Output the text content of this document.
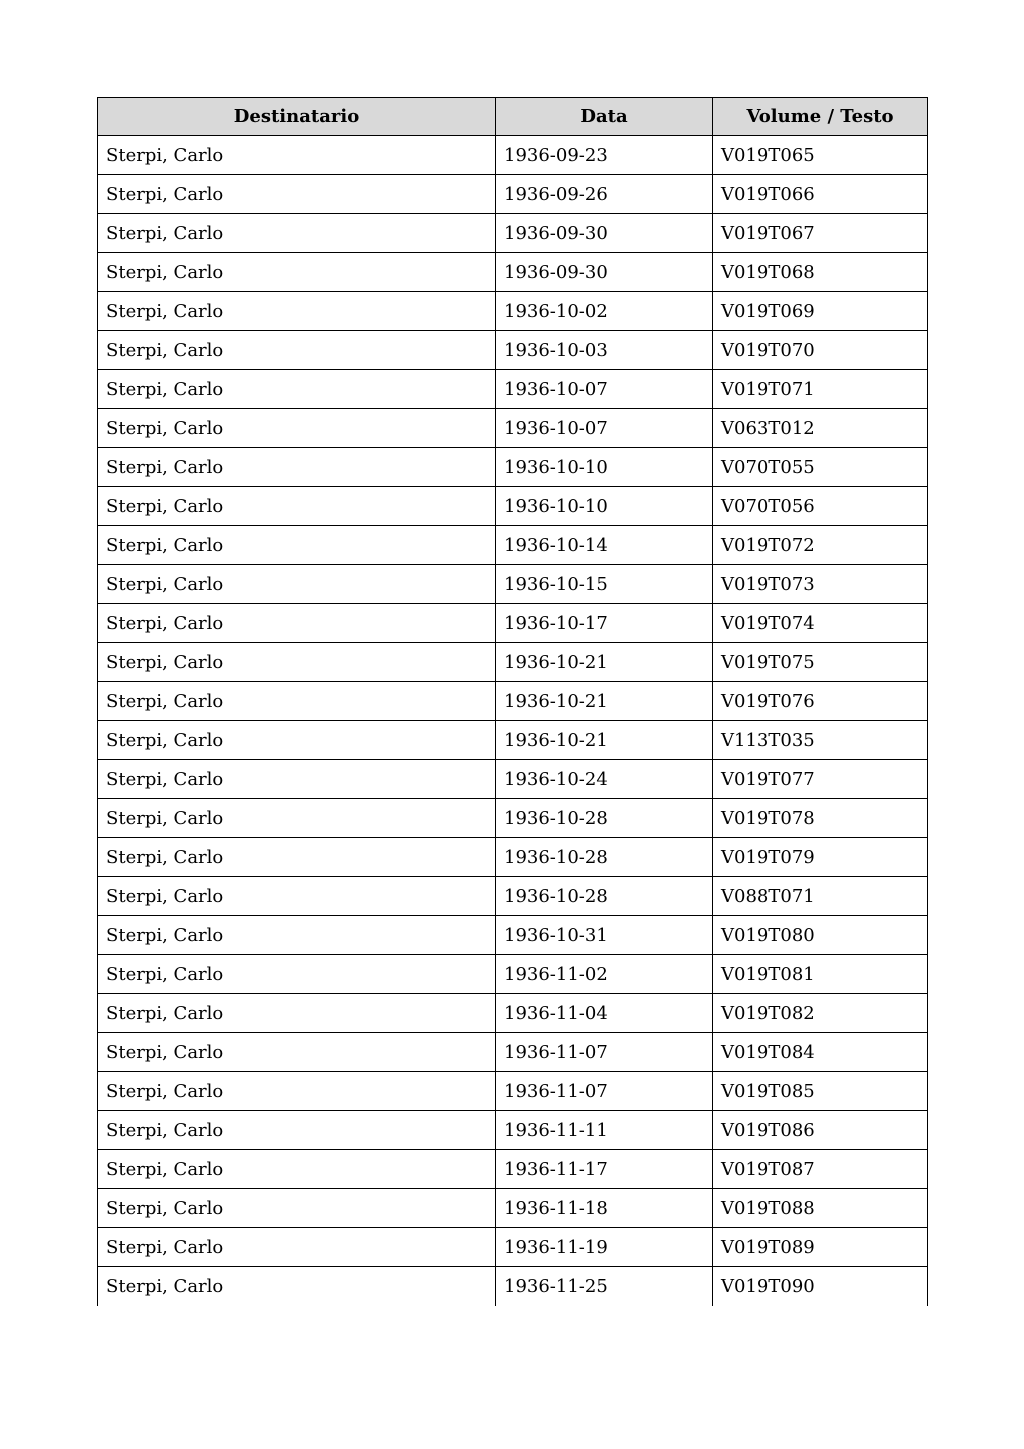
Destinatario	Data	Volume / Testo
Sterpi, Carlo	1936-09-23	V019T065
Sterpi, Carlo	1936-09-26	V019T066
Sterpi, Carlo	1936-09-30	V019T067
Sterpi, Carlo	1936-09-30	V019T068
Sterpi, Carlo	1936-10-02	V019T069
Sterpi, Carlo	1936-10-03	V019T070
Sterpi, Carlo	1936-10-07	V019T071
Sterpi, Carlo	1936-10-07	V063T012
Sterpi, Carlo	1936-10-10	V070T055
Sterpi, Carlo	1936-10-10	V070T056
Sterpi, Carlo	1936-10-14	V019T072
Sterpi, Carlo	1936-10-15	V019T073
Sterpi, Carlo	1936-10-17	V019T074
Sterpi, Carlo	1936-10-21	V019T075
Sterpi, Carlo	1936-10-21	V019T076
Sterpi, Carlo	1936-10-21	V113T035
Sterpi, Carlo	1936-10-24	V019T077
Sterpi, Carlo	1936-10-28	V019T078
Sterpi, Carlo	1936-10-28	V019T079
Sterpi, Carlo	1936-10-28	V088T071
Sterpi, Carlo	1936-10-31	V019T080
Sterpi, Carlo	1936-11-02	V019T081
Sterpi, Carlo	1936-11-04	V019T082
Sterpi, Carlo	1936-11-07	V019T084
Sterpi, Carlo	1936-11-07	V019T085
Sterpi, Carlo	1936-11-11	V019T086
Sterpi, Carlo	1936-11-17	V019T087
Sterpi, Carlo	1936-11-18	V019T088
Sterpi, Carlo	1936-11-19	V019T089
Sterpi, Carlo	1936-11-25	V019T090
